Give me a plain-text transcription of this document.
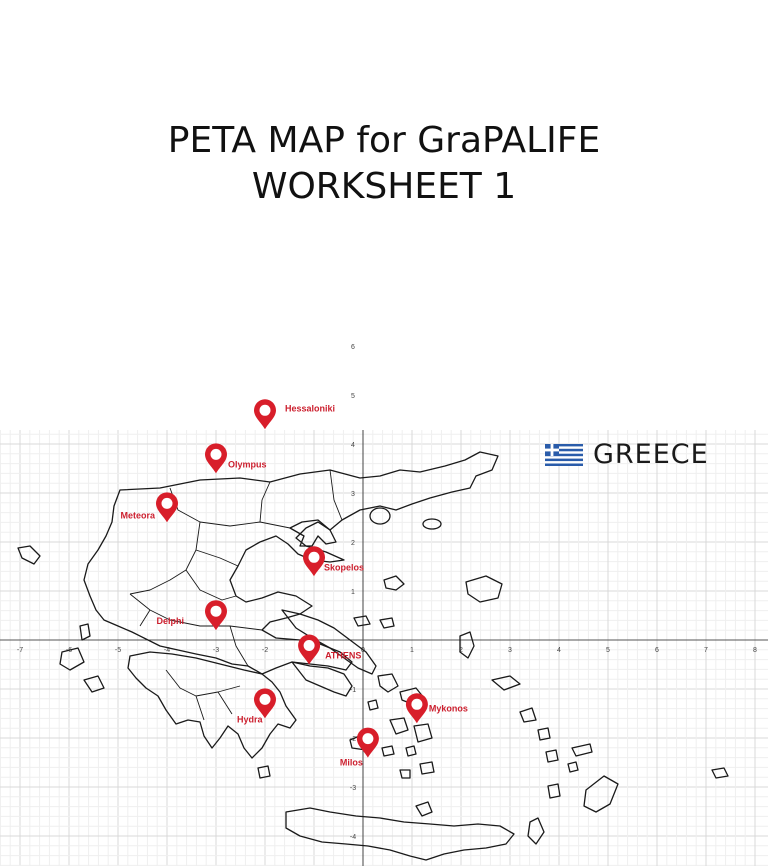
PETA MAP for GraPALIFE
WORKSHEET 1
-7	-6	-5	-4	-3	-2	0	1	2	3	4	5	6	7	8
6
5
4
3
2
1
-1
-2
-3
-4
Hessaloniki
Olympus
Meteora
Skopelos
Delphi
ATHENS
Hydra
Mykonos
Milos
GREECE
